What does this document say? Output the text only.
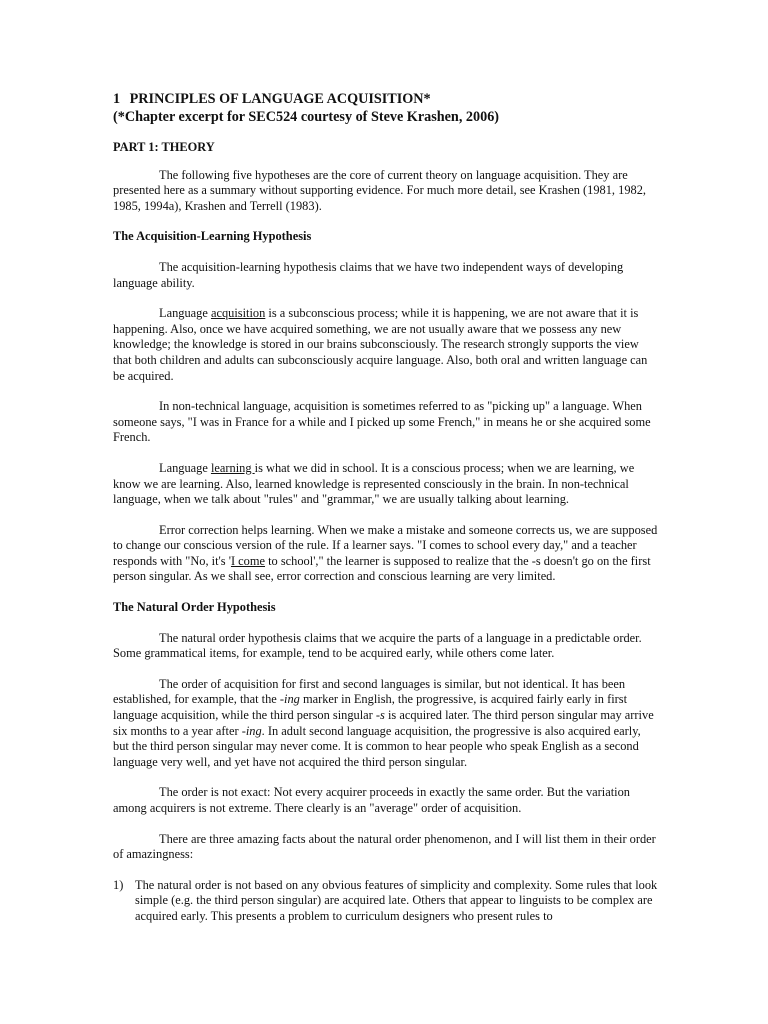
1 PRINCIPLES OF LANGUAGE ACQUISITION*
(*Chapter excerpt for SEC524 courtesy of Steve Krashen, 2006)
PART 1: THEORY

The following five hypotheses are the core of current theory on language acquisition. They are presented here as a summary without supporting evidence. For much more detail, see Krashen (1981, 1982, 1985, 1994a), Krashen and Terrell (1983).

The Acquisition-Learning Hypothesis

The acquisition-learning hypothesis claims that we have two independent ways of developing language ability.

Language acquisition is a subconscious process; while it is happening, we are not aware that it is happening. Also, once we have acquired something, we are not usually aware that we possess any new knowledge; the knowledge is stored in our brains subconsciously. The research strongly supports the view that both children and adults can subconsciously acquire language. Also, both oral and written language can be acquired.

In non-technical language, acquisition is sometimes referred to as "picking up" a language. When someone says, "I was in France for a while and I picked up some French," in means he or she acquired some French.

Language learning is what we did in school. It is a conscious process; when we are learning, we know we are learning. Also, learned knowledge is represented consciously in the brain. In non-technical language, when we talk about "rules" and "grammar," we are usually talking about learning.

Error correction helps learning. When we make a mistake and someone corrects us, we are supposed to change our conscious version of the rule. If a learner says. "I comes to school every day," and a teacher responds with "No, it's 'I come to school'," the learner is supposed to realize that the -s doesn't go on the first person singular. As we shall see, error correction and conscious learning are very limited.

The Natural Order Hypothesis

The natural order hypothesis claims that we acquire the parts of a language in a predictable order. Some grammatical items, for example, tend to be acquired early, while others come later.

The order of acquisition for first and second languages is similar, but not identical. It has been established, for example, that the -ing marker in English, the progressive, is acquired fairly early in first language acquisition, while the third person singular -s is acquired later. The third person singular may arrive six months to a year after -ing. In adult second language acquisition, the progressive is also acquired early, but the third person singular may never come. It is common to hear people who speak English as a second language very well, and yet have not acquired the third person singular.

The order is not exact: Not every acquirer proceeds in exactly the same order. But the variation among acquirers is not extreme. There clearly is an "average" order of acquisition.

There are three amazing facts about the natural order phenomenon, and I will list them in their order of amazingness:

1) The natural order is not based on any obvious features of simplicity and complexity. Some rules that look simple (e.g. the third person singular) are acquired late. Others that appear to linguists to be complex are acquired early. This presents a problem to curriculum designers who present rules to
